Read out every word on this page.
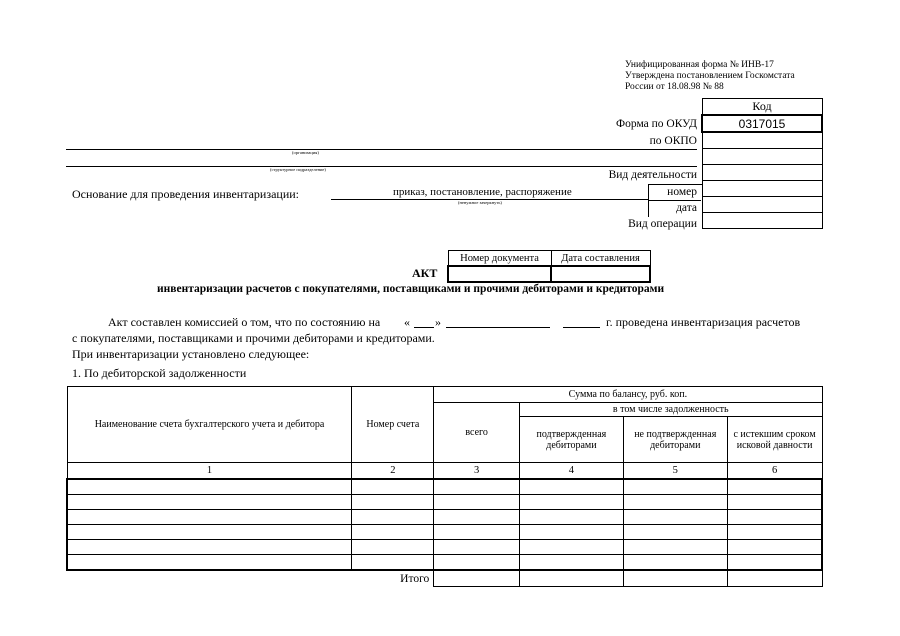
Унифицированная форма № ИНВ-17
Утверждена постановлением Госкомстата
России от 18.08.98 № 88
Код
0317015

Форма по ОКУД
по ОКПО
Вид деятельности
номер
дата
Вид операции
(организация)
(структурное подразделение)
Основание для проведения инвентаризации:	приказ, постановление, распоряжение
(ненужное зачеркнуть)
Номер документа	Дата составления

АКТ
инвентаризации расчетов с покупателями, поставщиками и прочими дебиторами и кредиторами
Акт составлен комиссией о том, что по состоянию на « »	г. проведена инвентаризация расчетов
с покупателями, поставщиками и прочими дебиторами и кредиторами.
При инвентаризации установлено следующее:
1. По дебиторской задолженности
Наименование счета бухгалтерского учета и дебитора	Номер счета	Сумма по балансу, руб. коп.			
		всего	в том числе задолженность		
			подтвержденная дебиторами	не подтвержденная дебиторами	с истекшим сроком исковой давности
1	2	3	4	5	6

Итого					
